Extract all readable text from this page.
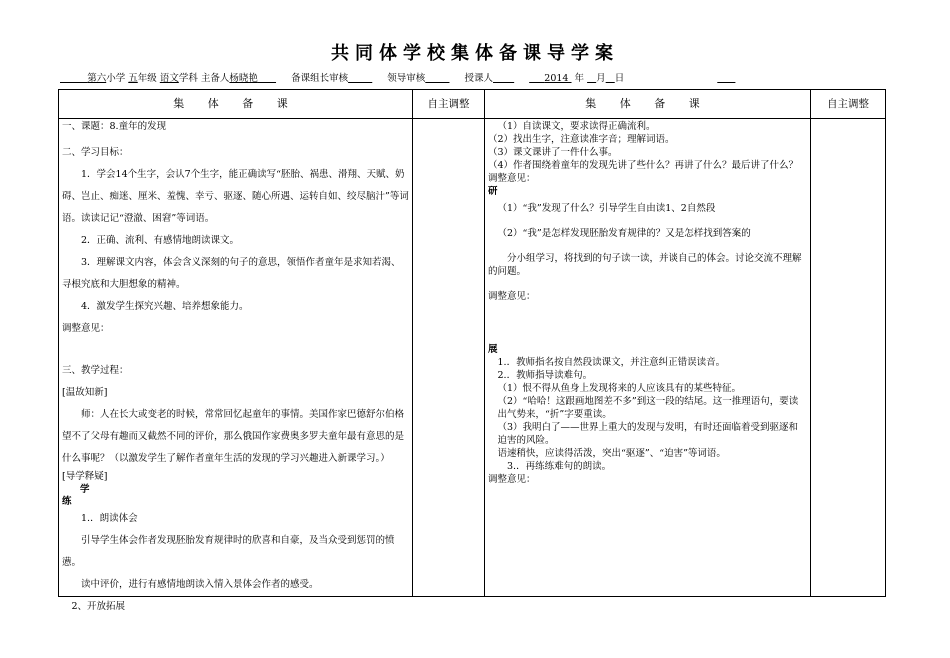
共同体学校集体备课导学案
第六小学 五年级 语文学科 主备人杨晓艳	备课组长审核	领导审核	授课人	2014 年 月 日
集 体 备 课	自主调整	集 体 备 课	自主调整

一、课题：8.童年的发现

二、学习目标：

1．学会14个生字，会认7个生字，能正确读写“胚胎、祸患、滑翔、天赋、奶碍、岂止、痴迷、厘米、羞愧、幸亏、驱逐、随心所遇、运转自如、绞尽脑汁”等词语。读读记记“澄澈、困窘”等词语。

2．正确、流利、有感情地朗读课文。

3．理解课文内容，体会含义深刻的句子的意思，领悟作者童年是求知若渴、寻根究底和大胆想象的精神。

4．激发学生探究兴趣、培养想象能力。

调整意见：

三、教学过程：

[温故知新]

师：人在长大或变老的时候，常常回忆起童年的事情。美国作家巴德舒尔伯格望不了父母有趣而又截然不同的评价，那么俄国作家费奥多罗夫童年最有意思的是什么事呢？（以激发学生了解作者童年生活的发现的学习兴趣进入新课学习。）

[导学释疑]

学

练

1.．朗读体会

引导学生体会作者发现胚胎发育规律时的欣喜和自豪，及当众受到惩罚的愤懑。

读中评价，进行有感情地朗读入情入景体会作者的感受。

2、开放拓展

（1）自读课文，要求读得正确流利。

（2）找出生字，注意读准字音；理解词语。

（3）课文课讲了一件什么事。

（4）作者围绕着童年的发现先讲了些什么？再讲了什么？最后讲了什么？

调整意见：

研

（1）“我”发现了什么？引导学生自由读1、2自然段

（2）“我”是怎样发现胚胎发育规律的？又是怎样找到答案的

分小组学习，将找到的句子读一读，并谈自己的体会。讨论交流不理解的问题。

调整意见：

展

1.．教师指名按自然段读课文，并注意纠正错误读音。

2.．教师指导读难句。

（1）恨不得从鱼身上发现将来的人应该具有的某些特征。

（2）“哈哈！这跟画地图差不多”到这一段的结尾。这一推理语句，要读出气势来，“折”字要重读。

（3）我明白了——世界上重大的发现与发明，有时还面临着受到驱逐和迫害的风险。

语速稍快，应读得活泼，突出“驱逐”、“迫害”等词语。

3.．再练练难句的朗读。

调整意见：
